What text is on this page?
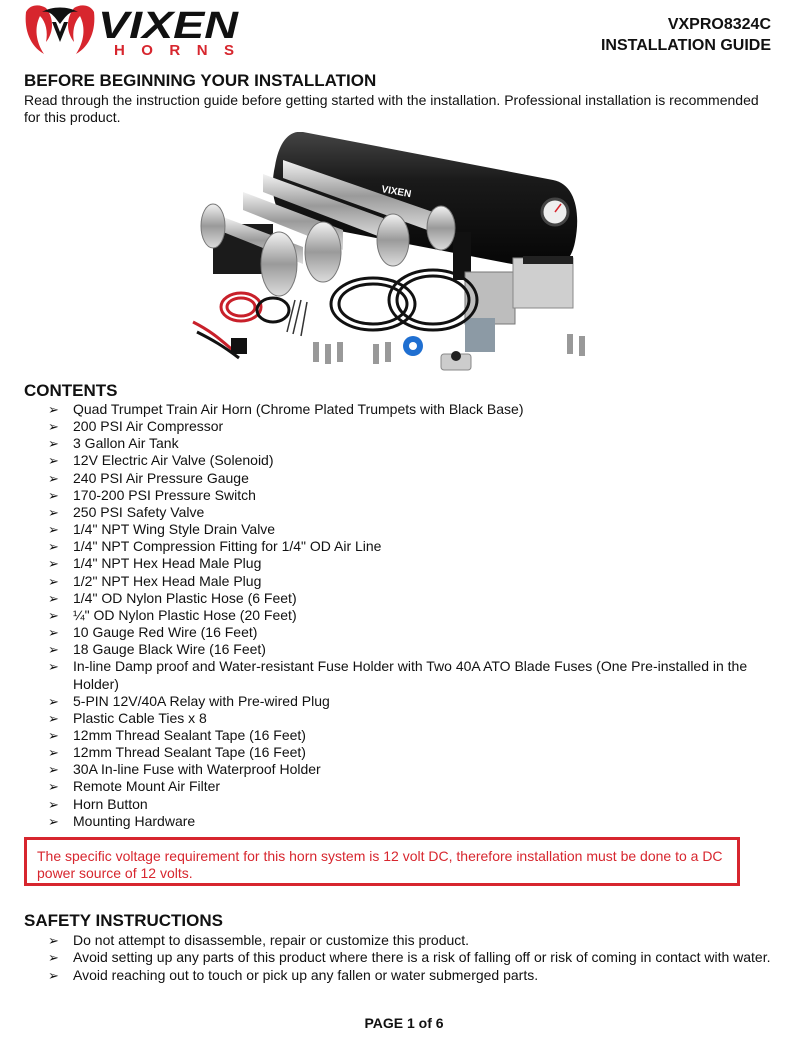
VIXEN
HORNS
VXPRO8324C
INSTALLATION GUIDE
BEFORE BEGINNING YOUR INSTALLATION
Read through the instruction guide before getting started with the installation. Professional installation is recommended for this product.
VIXEN
CONTENTS
➢ Quad Trumpet Train Air Horn (Chrome Plated Trumpets with Black Base)
➢ 200 PSI Air Compressor
➢ 3 Gallon Air Tank
➢ 12V Electric Air Valve (Solenoid)
➢ 240 PSI Air Pressure Gauge
➢ 170-200 PSI Pressure Switch
➢ 250 PSI Safety Valve
➢ 1/4" NPT Wing Style Drain Valve
➢ 1/4" NPT Compression Fitting for 1/4" OD Air Line
➢ 1/4" NPT Hex Head Male Plug
➢ 1/2" NPT Hex Head Male Plug
➢ 1/4" OD Nylon Plastic Hose (6 Feet)
➢ ¼" OD Nylon Plastic Hose (20 Feet)
➢ 10 Gauge Red Wire (16 Feet)
➢ 18 Gauge Black Wire (16 Feet)
➢ In-line Damp proof and Water-resistant Fuse Holder with Two 40A ATO Blade Fuses (One Pre-installed in the Holder)
➢ 5-PIN 12V/40A Relay with Pre-wired Plug
➢ Plastic Cable Ties x 8
➢ 12mm Thread Sealant Tape (16 Feet)
➢ 12mm Thread Sealant Tape (16 Feet)
➢ 30A In-line Fuse with Waterproof Holder
➢ Remote Mount Air Filter
➢ Horn Button
➢ Mounting Hardware
The specific voltage requirement for this horn system is 12 volt DC, therefore installation must be done to a DC power source of 12 volts.
SAFETY INSTRUCTIONS
➢ Do not attempt to disassemble, repair or customize this product.
➢ Avoid setting up any parts of this product where there is a risk of falling off or risk of coming in contact with water.
➢ Avoid reaching out to touch or pick up any fallen or water submerged parts.
PAGE 1 of 6
